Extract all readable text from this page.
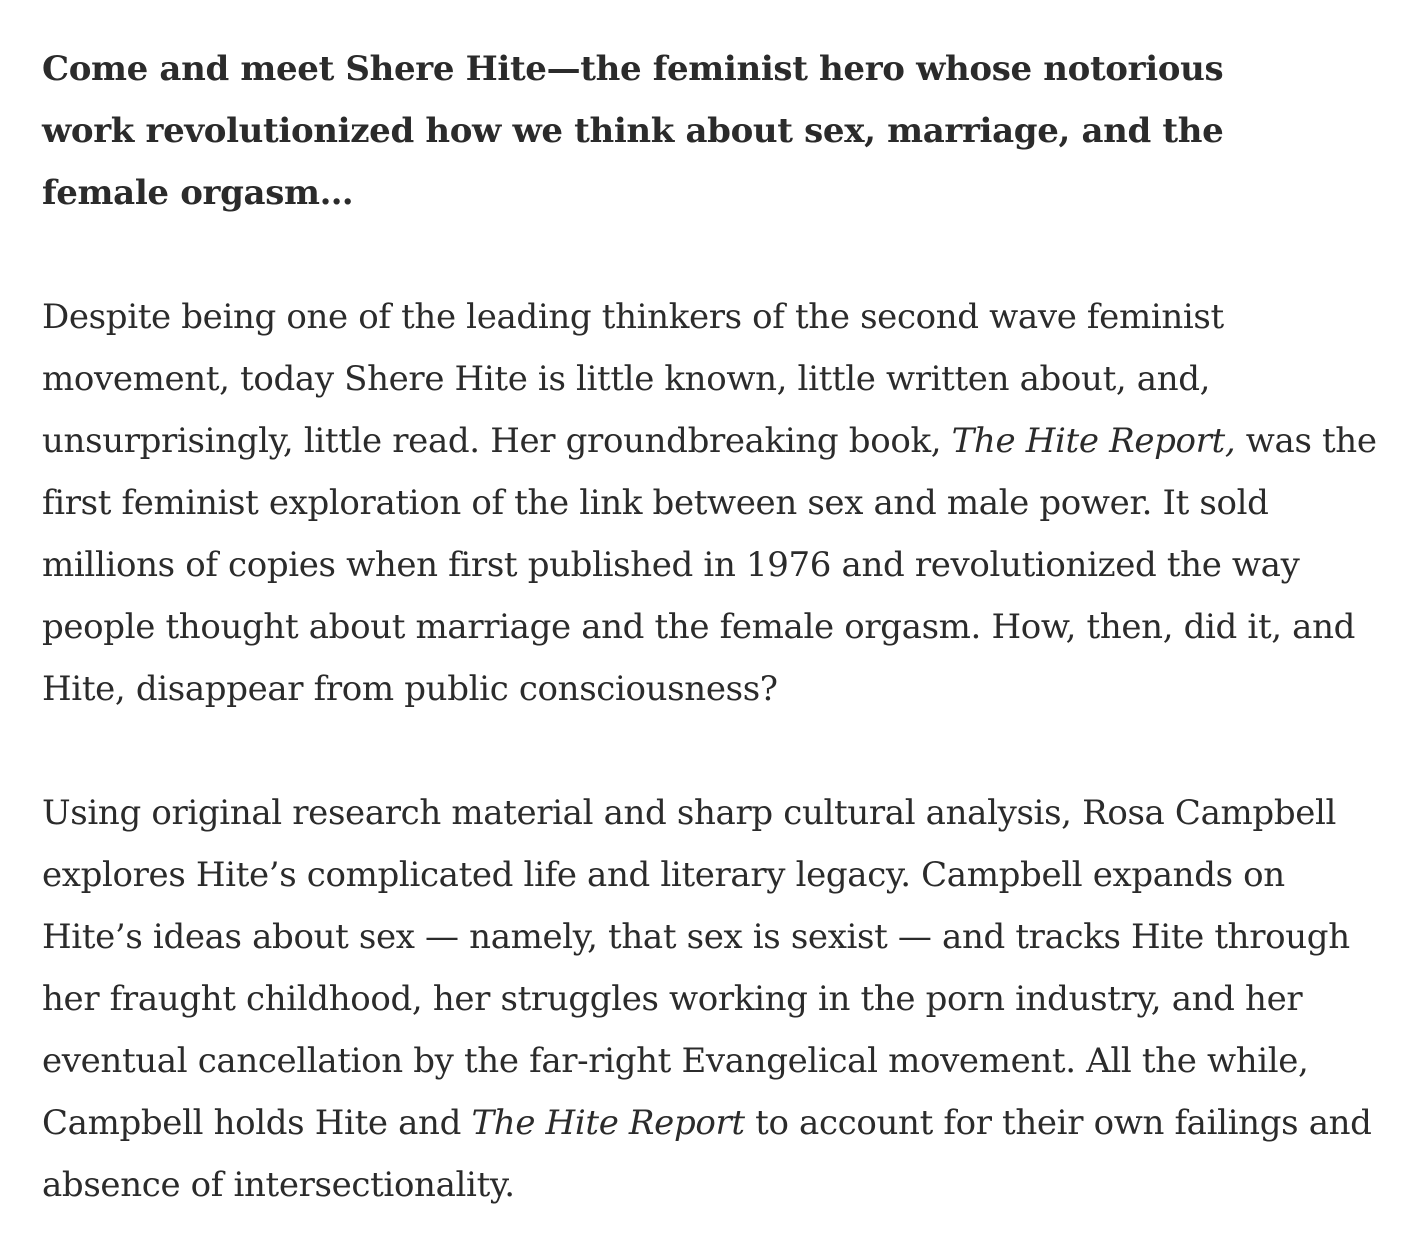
Come and meet Shere Hite—the feminist hero whose notorious work revolutionized how we think about sex, marriage, and the female orgasm…

Despite being one of the leading thinkers of the second wave feminist movement, today Shere Hite is little known, little written about, and, unsurprisingly, little read. Her groundbreaking book, The Hite Report, was the first feminist exploration of the link between sex and male power. It sold millions of copies when first published in 1976 and revolutionized the way people thought about marriage and the female orgasm. How, then, did it, and Hite, disappear from public consciousness?

Using original research material and sharp cultural analysis, Rosa Campbell explores Hite’s complicated life and literary legacy. Campbell expands on Hite’s ideas about sex — namely, that sex is sexist — and tracks Hite through her fraught childhood, her struggles working in the porn industry, and her eventual cancellation by the far-right Evangelical movement. All the while, Campbell holds Hite and The Hite Report to account for their own failings and absence of intersectionality.
